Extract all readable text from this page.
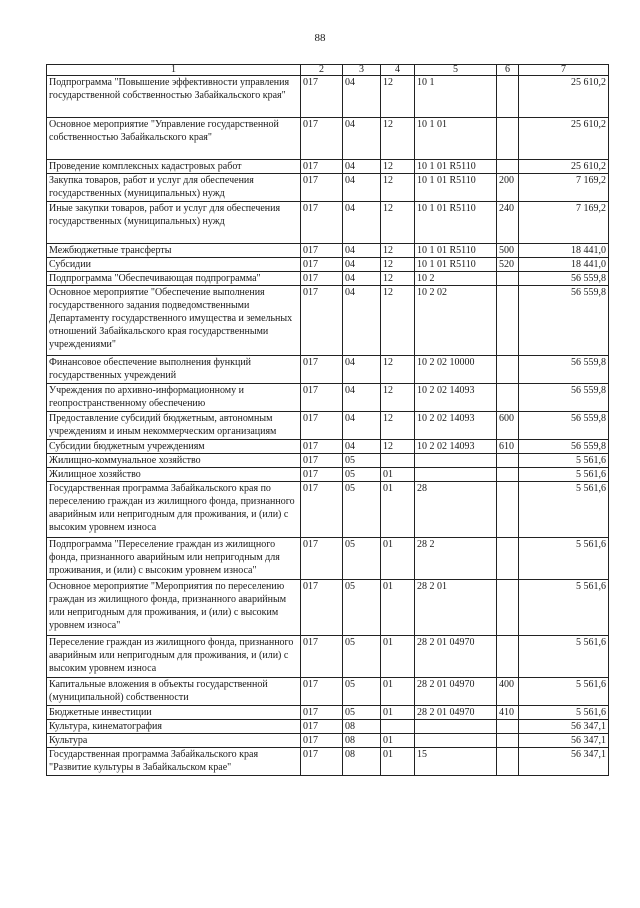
88
1	2	3	4	5	6	7
Подпрограмма "Повышение эффективности управления государственной собственностью Забайкальского края"	017	04	12	10 1		25 610,2
Основное мероприятие "Управление государственной собственностью Забайкальского края"	017	04	12	10 1 01		25 610,2
Проведение комплексных кадастровых работ	017	04	12	10 1 01 R5110		25 610,2
Закупка товаров, работ и услуг для обеспечения государственных (муниципальных) нужд	017	04	12	10 1 01 R5110	200	7 169,2
Иные закупки товаров, работ и услуг для обеспечения государственных (муниципальных) нужд	017	04	12	10 1 01 R5110	240	7 169,2
Межбюджетные трансферты	017	04	12	10 1 01 R5110	500	18 441,0
Субсидии	017	04	12	10 1 01 R5110	520	18 441,0
Подпрограмма "Обеспечивающая подпрограмма"	017	04	12	10 2		56 559,8
Основное мероприятие "Обеспечение выполнения государственного задания подведомственными Департаменту государственного имущества и земельных отношений Забайкальского края государственными учреждениями"	017	04	12	10 2 02		56 559,8
Финансовое обеспечение выполнения функций государственных учреждений	017	04	12	10 2 02 10000		56 559,8
Учреждения по архивно-информационному и геопространственному обеспечению	017	04	12	10 2 02 14093		56 559,8
Предоставление субсидий бюджетным, автономным учреждениям и иным некоммерческим организациям	017	04	12	10 2 02 14093	600	56 559,8
Субсидии бюджетным учреждениям	017	04	12	10 2 02 14093	610	56 559,8
Жилищно-коммунальное хозяйство	017	05				5 561,6
Жилищное хозяйство	017	05	01			5 561,6
Государственная программа Забайкальского края по переселению граждан из жилищного фонда, признанного аварийным или непригодным для проживания, и (или) с высоким уровнем износа	017	05	01	28		5 561,6
Подпрограмма "Переселение граждан из жилищного фонда, признанного аварийным или непригодным для проживания, и (или) с высоким уровнем износа"	017	05	01	28 2		5 561,6
Основное мероприятие "Мероприятия по переселению граждан из жилищного фонда, признанного аварийным или непригодным для проживания, и (или) с высоким уровнем износа"	017	05	01	28 2 01		5 561,6
Переселение граждан из жилищного фонда, признанного аварийным или непригодным для проживания, и (или) с высоким уровнем износа	017	05	01	28 2 01 04970		5 561,6
Капитальные вложения в объекты государственной (муниципальной) собственности	017	05	01	28 2 01 04970	400	5 561,6
Бюджетные инвестиции	017	05	01	28 2 01 04970	410	5 561,6
Культура, кинематография	017	08				56 347,1
Культура	017	08	01			56 347,1
Государственная программа Забайкальского края "Развитие культуры в Забайкальском крае"	017	08	01	15		56 347,1
